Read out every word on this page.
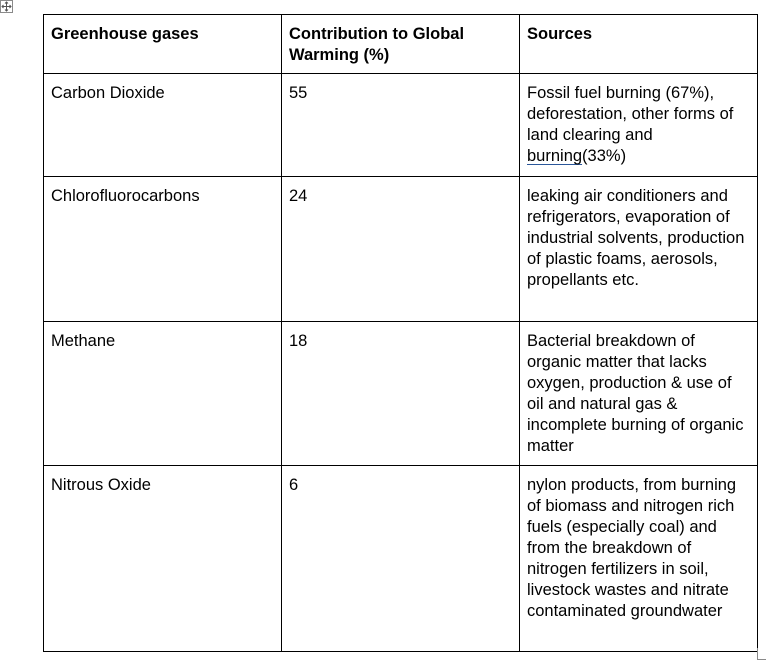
Greenhouse gases	Contribution to Global Warming (%)	Sources
Carbon Dioxide	55	Fossil fuel burning (67%), deforestation, other forms of land clearing and burning(33%)
Chlorofluorocarbons	24	leaking air conditioners and refrigerators, evaporation of industrial solvents, production of plastic foams, aerosols, propellants etc.
Methane	18	Bacterial breakdown of organic matter that lacks oxygen, production & use of oil and natural gas & incomplete burning of organic matter
Nitrous Oxide	6	nylon products, from burning of biomass and nitrogen rich fuels (especially coal) and from the breakdown of nitrogen fertilizers in soil, livestock wastes and nitrate contaminated groundwater
